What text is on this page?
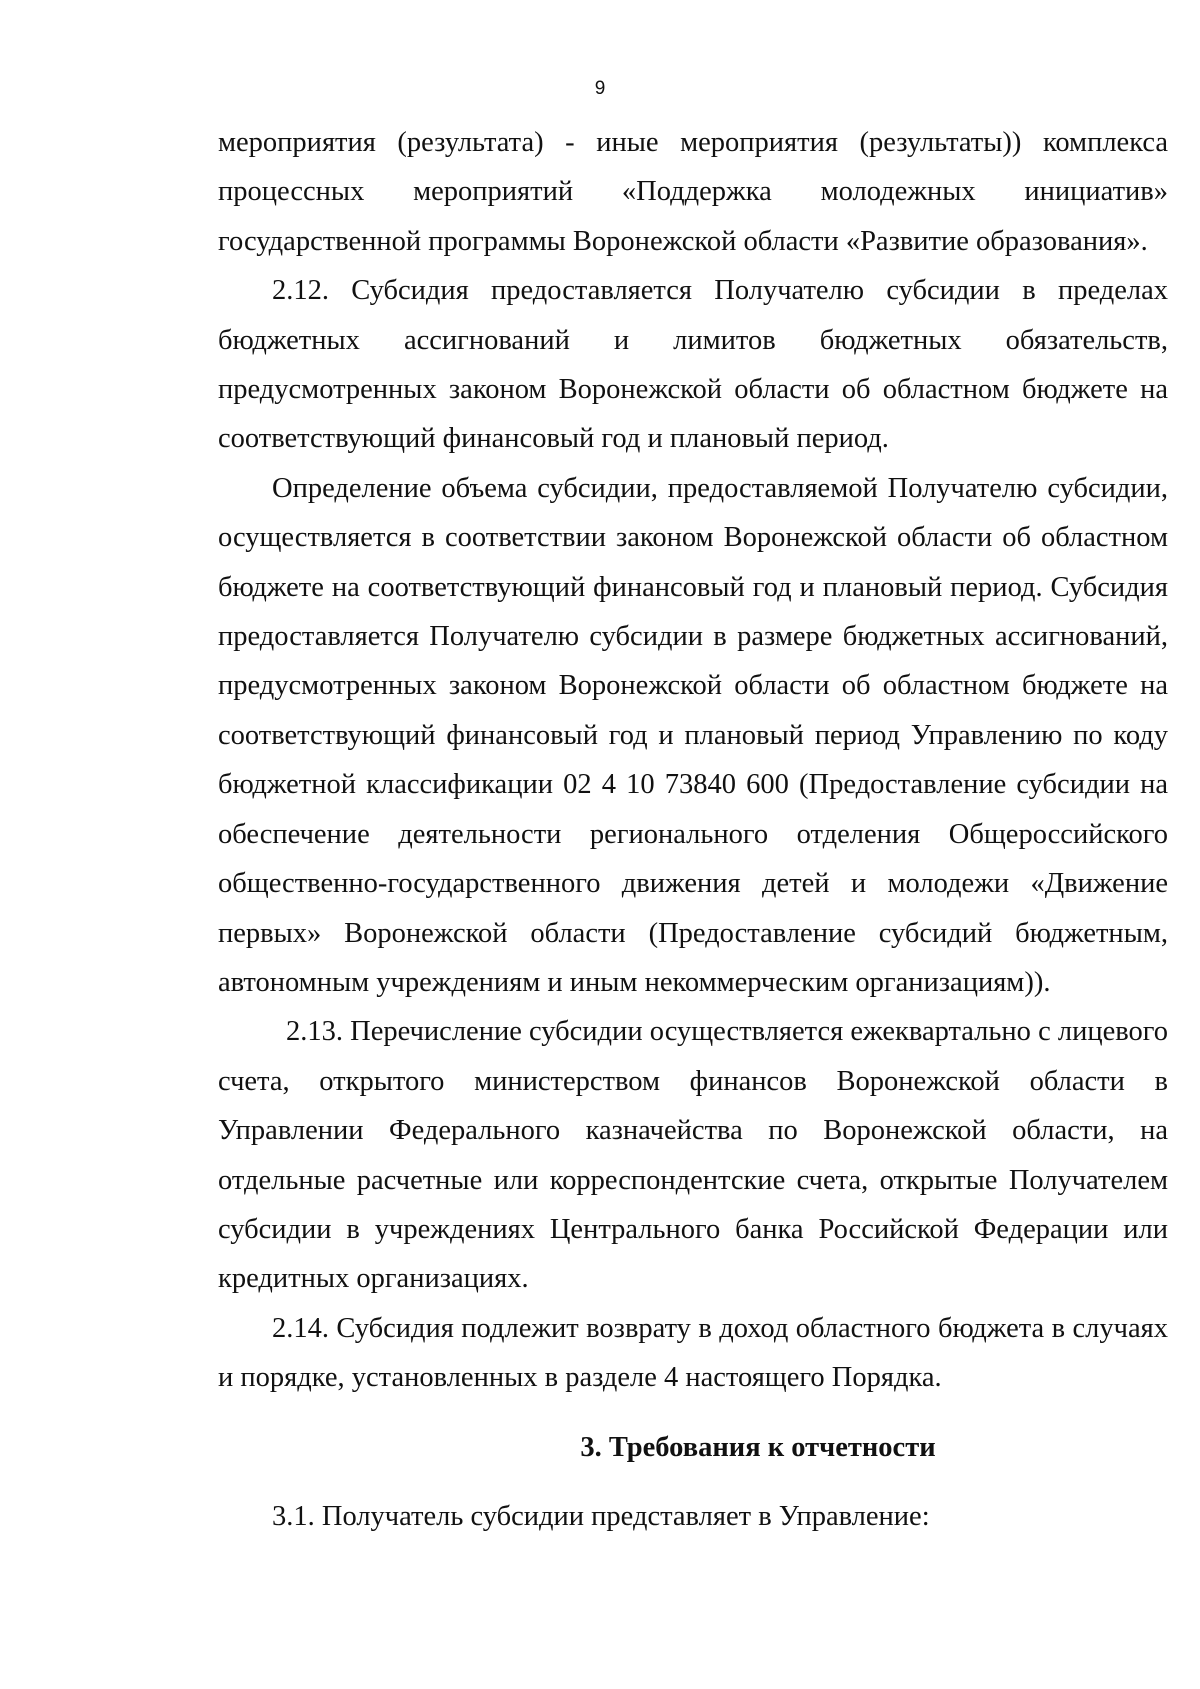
9

мероприятия (результата) - иные мероприятия (результаты)) комплекса процессных мероприятий «Поддержка молодежных инициатив» государственной программы Воронежской области «Развитие образования».

2.12. Субсидия предоставляется Получателю субсидии в пределах бюджетных ассигнований и лимитов бюджетных обязательств, предусмотренных законом Воронежской области об областном бюджете на соответствующий финансовый год и плановый период.

Определение объема субсидии, предоставляемой Получателю субсидии, осуществляется в соответствии законом Воронежской области об областном бюджете на соответствующий финансовый год и плановый период. Субсидия предоставляется Получателю субсидии в размере бюджетных ассигнований, предусмотренных законом Воронежской области об областном бюджете на соответствующий финансовый год и плановый период Управлению по коду бюджетной классификации 02 4 10 73840 600 (Предоставление субсидии на обеспечение деятельности регионального отделения Общероссийского общественно-государственного движения детей и молодежи «Движение первых» Воронежской области (Предоставление субсидий бюджетным, автономным учреждениям и иным некоммерческим организациям)).

2.13. Перечисление субсидии осуществляется ежеквартально с лицевого счета, открытого министерством финансов Воронежской области в Управлении Федерального казначейства по Воронежской области, на отдельные расчетные или корреспондентские счета, открытые Получателем субсидии в учреждениях Центрального банка Российской Федерации или кредитных организациях.

2.14. Субсидия подлежит возврату в доход областного бюджета в случаях и порядке, установленных в разделе 4 настоящего Порядка.

3. Требования к отчетности

3.1. Получатель субсидии представляет в Управление:
